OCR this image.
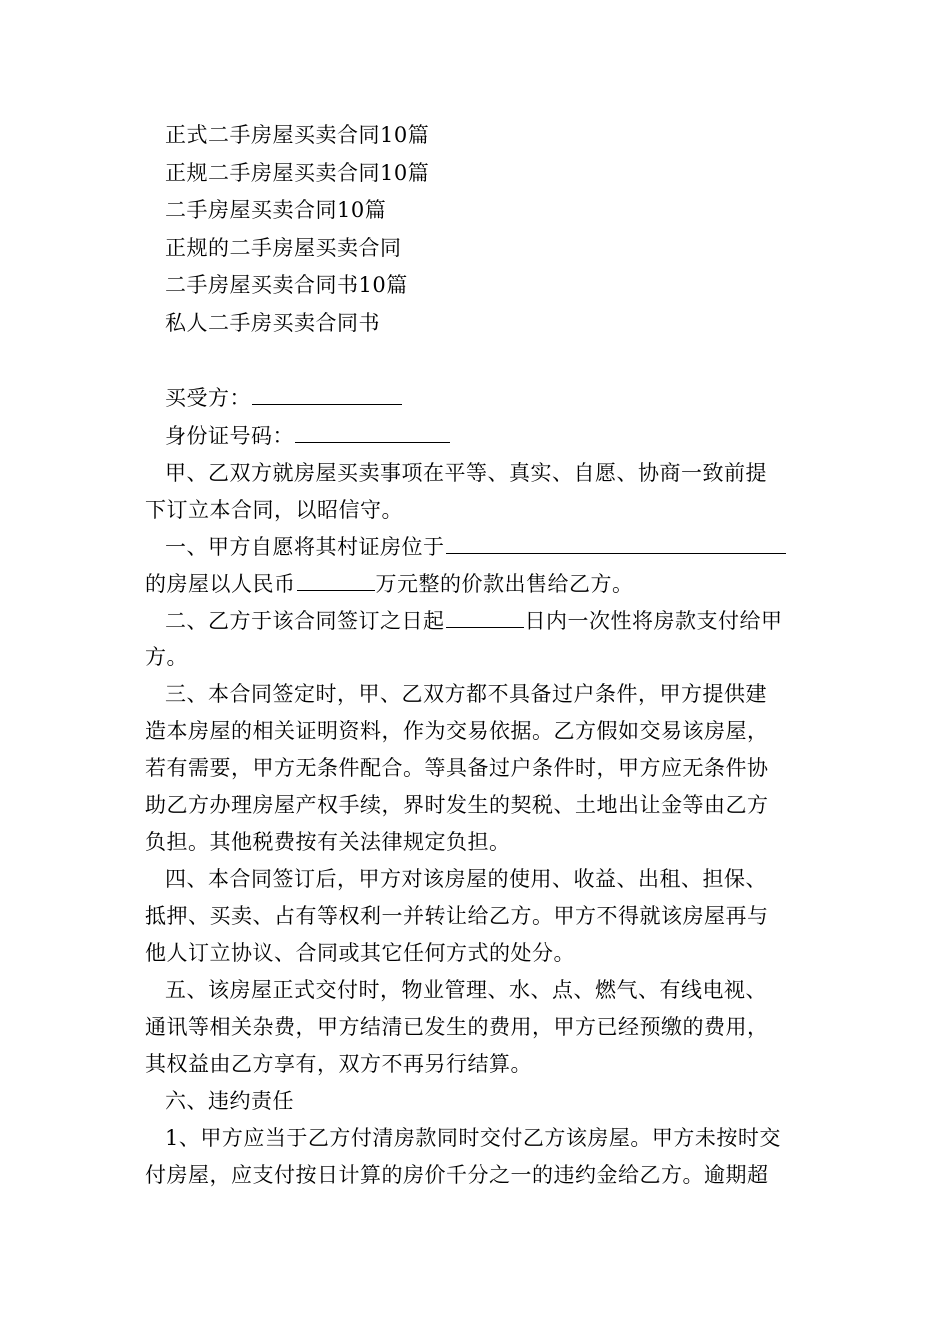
正式二手房屋买卖合同10篇
正规二手房屋买卖合同10篇
二手房屋买卖合同10篇
正规的二手房屋买卖合同
二手房屋买卖合同书10篇
私人二手房买卖合同书
买受方：
身份证号码：
甲、乙双方就房屋买卖事项在平等、真实、自愿、协商一致前提
下订立本合同，以昭信守。
一、甲方自愿将其村证房位于
的房屋以人民币	万元整的价款出售给乙方。
二、乙方于该合同签订之日起	日内一次性将房款支付给甲
方。
三、本合同签定时，甲、乙双方都不具备过户条件，甲方提供建
造本房屋的相关证明资料，作为交易依据。乙方假如交易该房屋，
若有需要，甲方无条件配合。等具备过户条件时，甲方应无条件协
助乙方办理房屋产权手续，界时发生的契税、土地出让金等由乙方
负担。其他税费按有关法律规定负担。
四、本合同签订后，甲方对该房屋的使用、收益、出租、担保、
抵押、买卖、占有等权利一并转让给乙方。甲方不得就该房屋再与
他人订立协议、合同或其它任何方式的处分。
五、该房屋正式交付时，物业管理、水、点、燃气、有线电视、
通讯等相关杂费，甲方结清已发生的费用，甲方已经预缴的费用，
其权益由乙方享有，双方不再另行结算。
六、违约责任
1、甲方应当于乙方付清房款同时交付乙方该房屋。甲方未按时交
付房屋，应支付按日计算的房价千分之一的违约金给乙方。逾期超
